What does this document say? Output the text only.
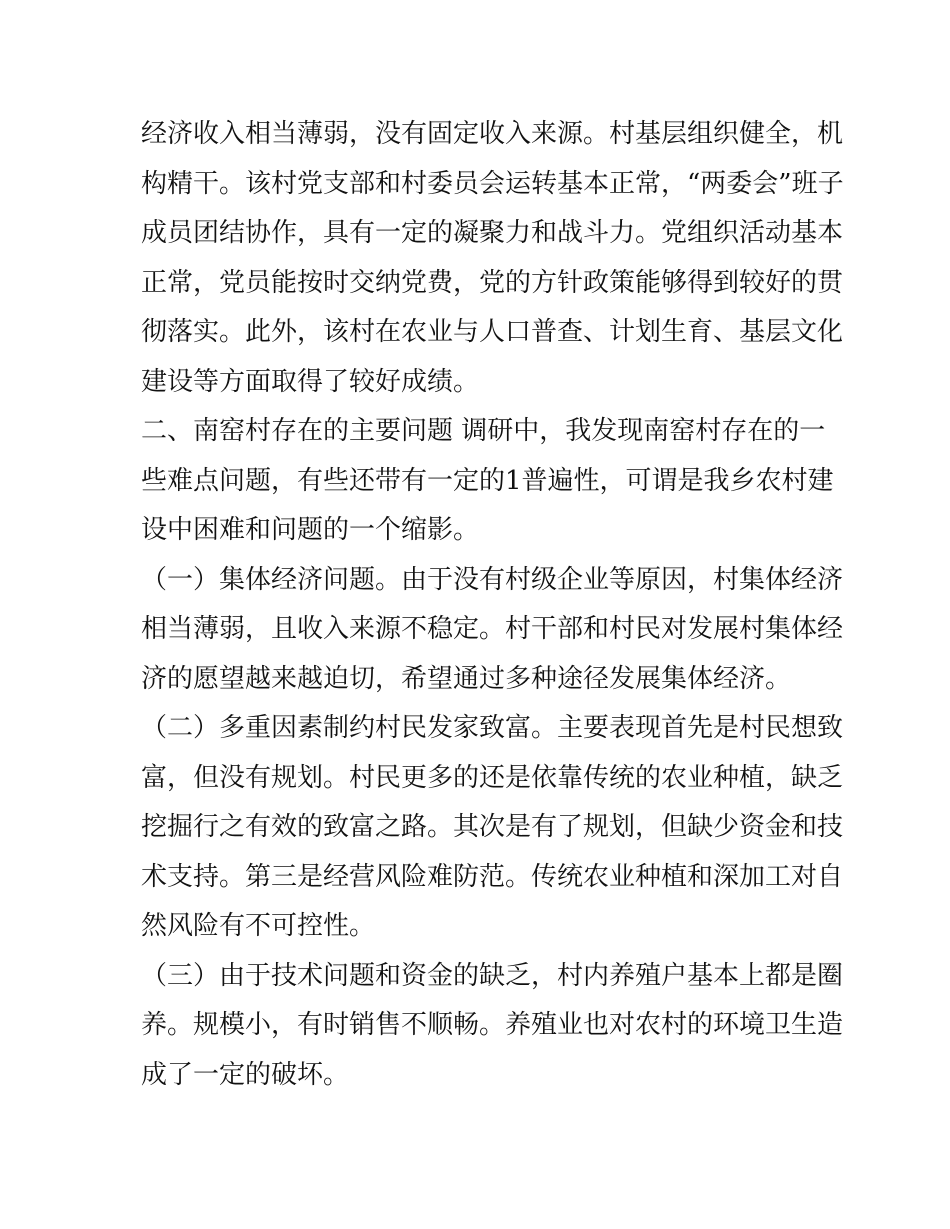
经济收入相当薄弱，没有固定收入来源。村基层组织健全，机
构精干。该村党支部和村委员会运转基本正常，“两委会”班子
成员团结协作，具有一定的凝聚力和战斗力。党组织活动基本
正常，党员能按时交纳党费，党的方针政策能够得到较好的贯
彻落实。此外，该村在农业与人口普查、计划生育、基层文化
建设等方面取得了较好成绩。
二、南窑村存在的主要问题 调研中，我发现南窑村存在的一
些难点问题，有些还带有一定的1普遍性，可谓是我乡农村建
设中困难和问题的一个缩影。
（一）集体经济问题。由于没有村级企业等原因，村集体经济
相当薄弱，且收入来源不稳定。村干部和村民对发展村集体经
济的愿望越来越迫切，希望通过多种途径发展集体经济。
（二）多重因素制约村民发家致富。主要表现首先是村民想致
富，但没有规划。村民更多的还是依靠传统的农业种植，缺乏
挖掘行之有效的致富之路。其次是有了规划，但缺少资金和技
术支持。第三是经营风险难防范。传统农业种植和深加工对自
然风险有不可控性。
（三）由于技术问题和资金的缺乏，村内养殖户基本上都是圈
养。规模小，有时销售不顺畅。养殖业也对农村的环境卫生造
成了一定的破坏。
